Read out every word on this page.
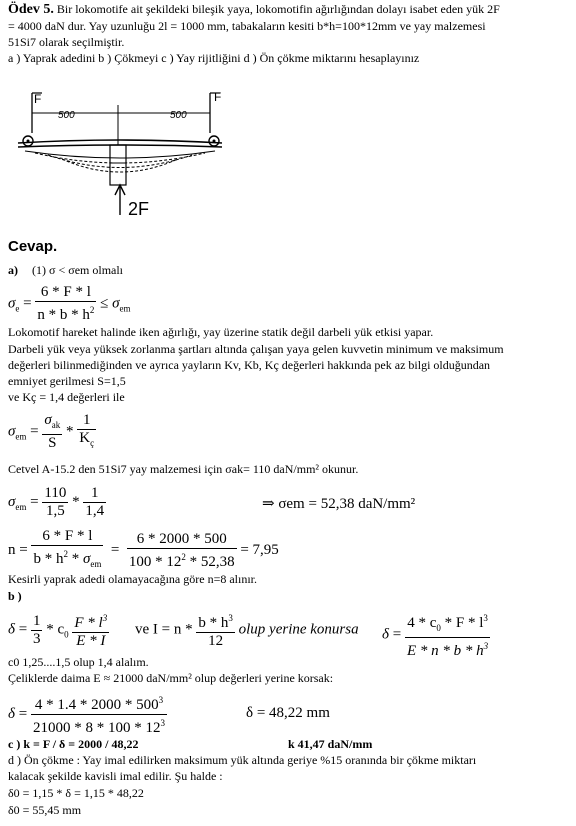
Ödev 5. Bir lokomotife ait şekildeki bileşik yaya, lokomotifin ağırlığından dolayı isabet eden yük 2F
= 4000 daN dur. Yay uzunluğu 2l = 1000 mm, tabakaların kesiti b*h=100*12mm ve yay malzemesi
51Si7 olarak seçilmiştir.
a ) Yaprak adedini b ) Çökmeyi c ) Yay rijitliğini d ) Ön çökme miktarını hesaplayınız
F	F
500	500
2F
Cevap.
a) (1) σ < σem olmalı
$\sigma_e = \frac{6 * F * l}{n * b * h^2} \le \sigma_{em}$
Lokomotif hareket halinde iken ağırlığı, yay üzerine statik değil darbeli yük etkisi yapar.
Darbeli yük veya yüksek zorlanma şartları altında çalışan yaya gelen kuvvetin minimum ve maksimum
değerleri bilinmediğinden ve ayrıca yayların Kv, Kb, Kç değerleri hakkında pek az bilgi olduğundan
emniyet gerilmesi S=1,5
ve Kç = 1,4 değerleri ile
$\sigma_{em} = \frac{\sigma_{ak}}{S} * \frac{1}{K_ç}$
Cetvel A-15.2 den 51Si7 yay malzemesi için σak= 110 daN/mm² okunur.
$\sigma_{em} = \frac{110}{1,5} * \frac{1}{1,4}$	⇒ σem = 52,38 daN/mm²
$n = \frac{6 * F * l}{b * h^2 * \sigma_{em}} = \frac{6 * 2000 * 500}{100 * 12^2 * 52,38} = 7,95$
Kesirli yaprak adedi olamayacağına göre n=8 alınır.
b )
$\delta = \frac{1}{3} * c_0 \frac{F * l^3}{E * I}$ ve $I = n * \frac{b * h^3}{12}$ olup yerine konursa $\delta = \frac{4 * c_0 * F * l^3}{E * n * b * h^3}$
c0 1,25....1,5 olup 1,4 alalım.
Çeliklerde daima E ≈ 21000 daN/mm² olup değerleri yerine korsak:
$\delta = \frac{4 * 1.4 * 2000 * 500^3}{21000 * 8 * 100 * 12^3}$	δ = 48,22 mm
c ) k = F / δ = 2000 / 48,22	k 41,47 daN/mm
d ) Ön çökme : Yay imal edilirken maksimum yük altında geriye %15 oranında bir çökme miktarı
kalacak şekilde kavisli imal edilir. Şu halde :
δ0 = 1,15 * δ = 1,15 * 48,22
δ0 = 55,45 mm
